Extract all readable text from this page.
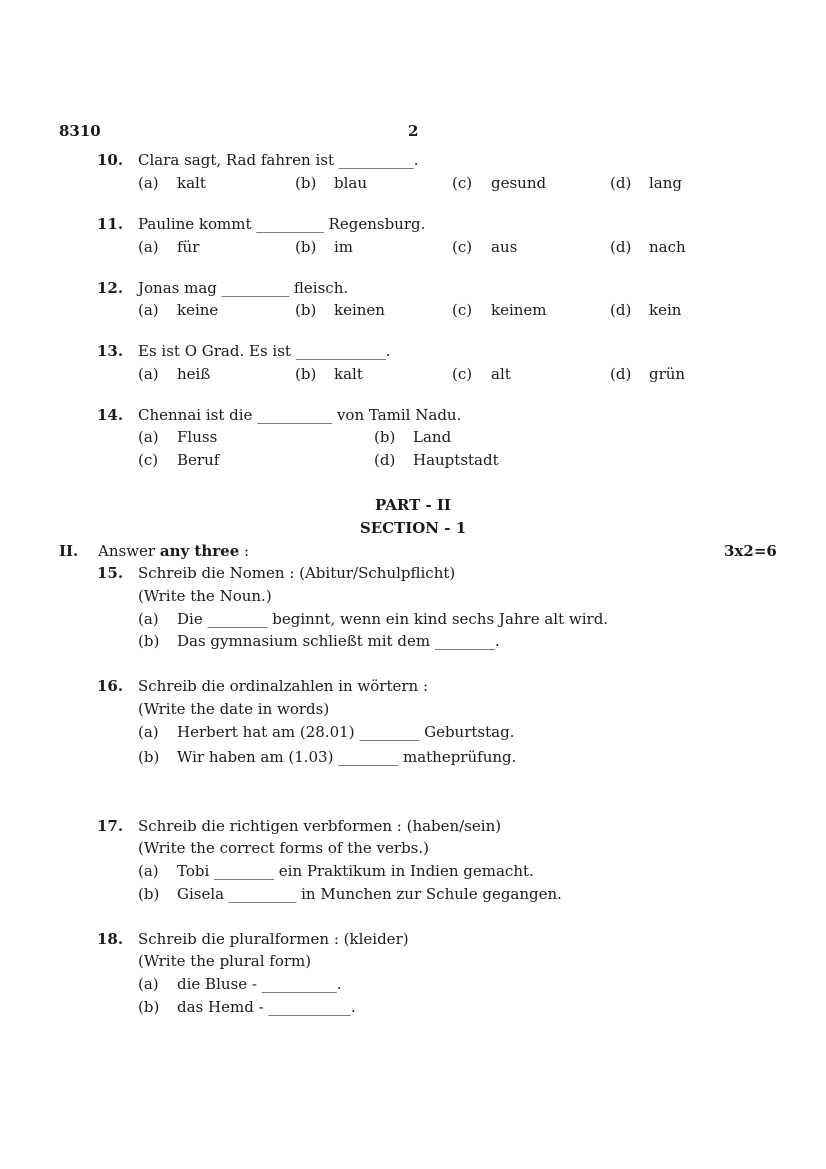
8310	2
10. Clara sagt, Rad fahren ist __________.
(a) kalt	(b) blau	(c) gesund	(d) lang
11. Pauline kommt _________ Regensburg.
(a) für	(b) im	(c) aus	(d) nach
12. Jonas mag _________ fleisch.
(a) keine	(b) keinen	(c) keinem	(d) kein
13. Es ist O Grad. Es ist ____________.
(a) heiß	(b) kalt	(c) alt	(d) grün
14. Chennai ist die __________ von Tamil Nadu.
(a) Fluss	(b) Land
(c) Beruf	(d) Hauptstadt
PART - II
SECTION - 1
II. Answer any three :	3x2=6
15. Schreib die Nomen : (Abitur/Schulpflicht)
(Write the Noun.)
(a) Die ________ beginnt, wenn ein kind sechs Jahre alt wird.
(b) Das gymnasium schließt mit dem ________.
16. Schreib die ordinalzahlen in wörtern :
(Write the date in words)
(a) Herbert hat am (28.01) ________ Geburtstag.
(b) Wir haben am (1.03) ________ matheprüfung.
17. Schreib die richtigen verbformen : (haben/sein)
(Write the correct forms of the verbs.)
(a) Tobi ________ ein Praktikum in Indien gemacht.
(b) Gisela _________ in Munchen zur Schule gegangen.
18. Schreib die pluralformen : (kleider)
(Write the plural form)
(a) die Bluse - __________.
(b) das Hemd - ___________.
